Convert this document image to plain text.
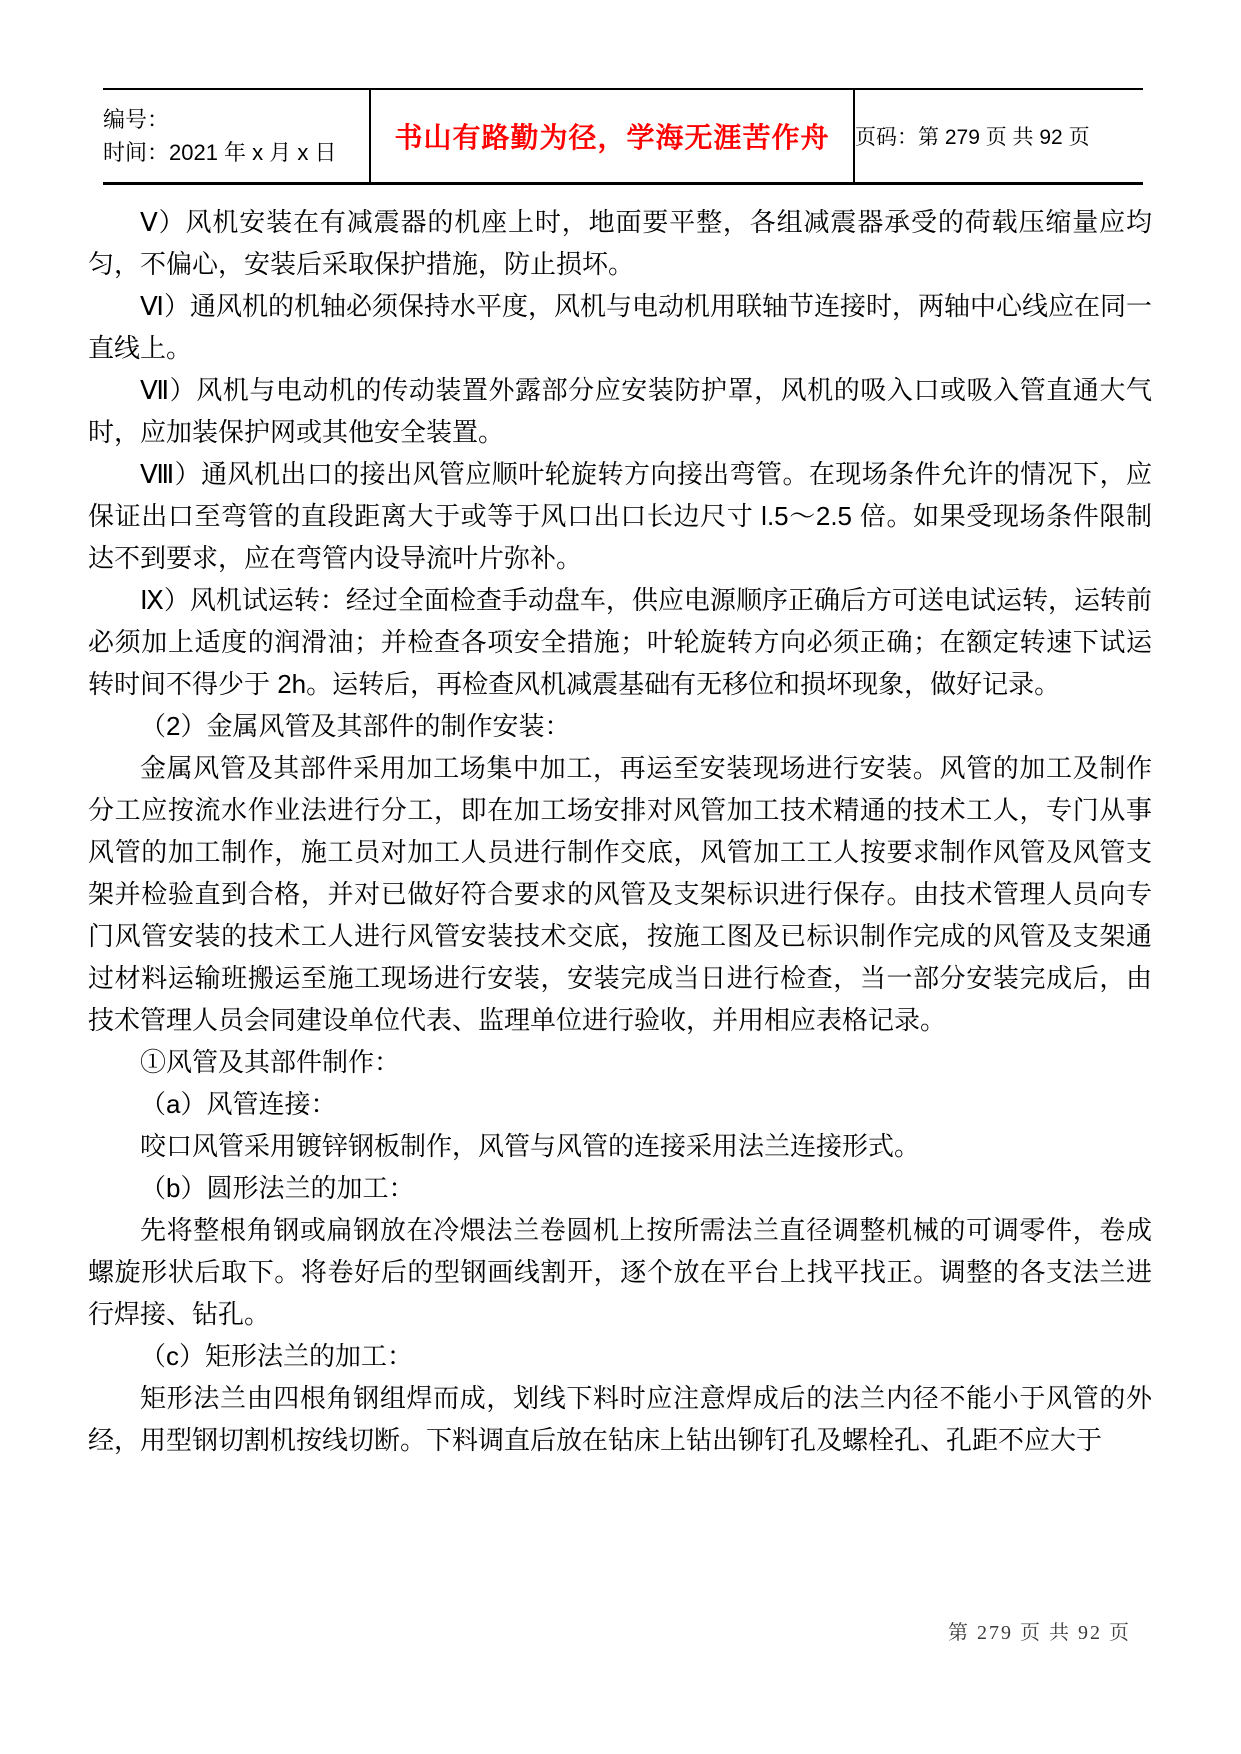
编号：
时间：2021 年 x 月 x 日	书山有路勤为径，学海无涯苦作舟	页码：第 279 页 共 92 页

Ⅴ）风机安装在有减震器的机座上时，地面要平整，各组减震器承受的荷载压缩量应均匀，不偏心，安装后采取保护措施，防止损坏。

Ⅵ）通风机的机轴必须保持水平度，风机与电动机用联轴节连接时，两轴中心线应在同一直线上。

Ⅶ）风机与电动机的传动装置外露部分应安装防护罩，风机的吸入口或吸入管直通大气时，应加装保护网或其他安全装置。

Ⅷ）通风机出口的接出风管应顺叶轮旋转方向接出弯管。在现场条件允许的情况下，应保证出口至弯管的直段距离大于或等于风口出口长边尺寸 l.5～2.5 倍。如果受现场条件限制达不到要求，应在弯管内设导流叶片弥补。

Ⅸ）风机试运转：经过全面检查手动盘车，供应电源顺序正确后方可送电试运转，运转前必须加上适度的润滑油；并检查各项安全措施；叶轮旋转方向必须正确；在额定转速下试运转时间不得少于 2h。运转后，再检查风机减震基础有无移位和损坏现象，做好记录。

（2）金属风管及其部件的制作安装：

金属风管及其部件采用加工场集中加工，再运至安装现场进行安装。风管的加工及制作分工应按流水作业法进行分工，即在加工场安排对风管加工技术精通的技术工人，专门从事风管的加工制作，施工员对加工人员进行制作交底，风管加工工人按要求制作风管及风管支架并检验直到合格，并对已做好符合要求的风管及支架标识进行保存。由技术管理人员向专门风管安装的技术工人进行风管安装技术交底，按施工图及已标识制作完成的风管及支架通过材料运输班搬运至施工现场进行安装，安装完成当日进行检查，当一部分安装完成后，由技术管理人员会同建设单位代表、监理单位进行验收，并用相应表格记录。

①风管及其部件制作：

（a）风管连接：

咬口风管采用镀锌钢板制作，风管与风管的连接采用法兰连接形式。

（b）圆形法兰的加工：

先将整根角钢或扁钢放在冷煨法兰卷圆机上按所需法兰直径调整机械的可调零件，卷成螺旋形状后取下。将卷好后的型钢画线割开，逐个放在平台上找平找正。调整的各支法兰进行焊接、钻孔。

（c）矩形法兰的加工：

矩形法兰由四根角钢组焊而成，划线下料时应注意焊成后的法兰内径不能小于风管的外经，用型钢切割机按线切断。下料调直后放在钻床上钻出铆钉孔及螺栓孔、孔距不应大于

第 279 页 共 92 页
